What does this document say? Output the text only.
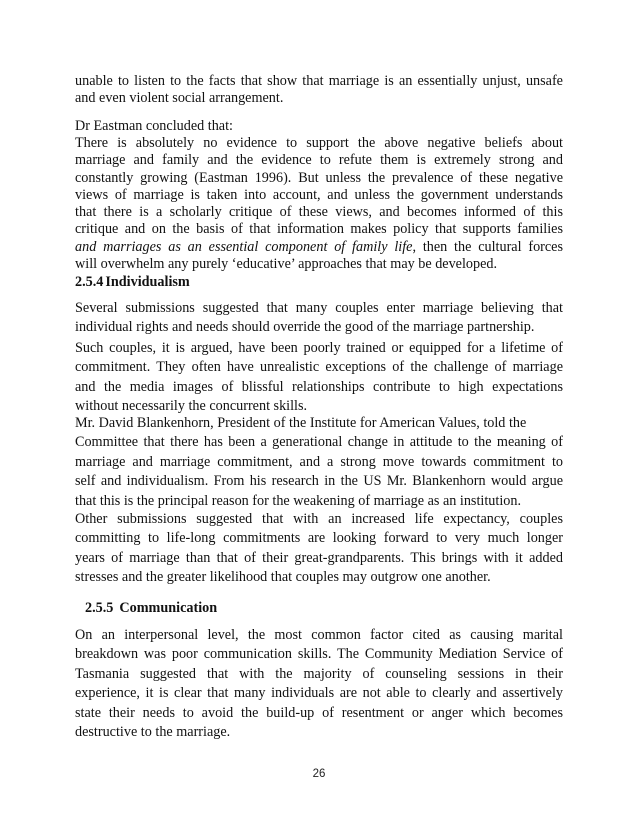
unable to listen to the facts that show that marriage is an essentially unjust, unsafe
and even violent social arrangement.
Dr Eastman concluded that:
There is absolutely no evidence to support the above negative beliefs about
marriage and family and the evidence to refute them is extremely strong and
constantly growing (Eastman 1996). But unless the prevalence of these negative
views of marriage is taken into account, and unless the government understands
that there is a scholarly critique of these views, and becomes informed of this
critique and on the basis of that information makes policy that supports families
and marriages as an essential component of family life, then the cultural forces
will overwhelm any purely ‘educative’ approaches that may be developed.
2.5.4 Individualism
Several submissions suggested that many couples enter marriage believing that
individual rights and needs should override the good of the marriage partnership.
Such couples, it is argued, have been poorly trained or equipped for a lifetime of
commitment. They often have unrealistic exceptions of the challenge of marriage
and the media images of blissful relationships contribute to high expectations
without necessarily the concurrent skills.
Mr. David Blankenhorn, President of the Institute for American Values, told the
Committee that there has been a generational change in attitude to the meaning of
marriage and marriage commitment, and a strong move towards commitment to
self and individualism. From his research in the US Mr. Blankenhorn would argue
that this is the principal reason for the weakening of marriage as an institution.
Other submissions suggested that with an increased life expectancy, couples
committing to life-long commitments are looking forward to very much longer
years of marriage than that of their great-grandparents. This brings with it added
stresses and the greater likelihood that couples may outgrow one another.
2.5.5 Communication
On an interpersonal level, the most common factor cited as causing marital
breakdown was poor communication skills. The Community Mediation Service of
Tasmania suggested that with the majority of counseling sessions in their
experience, it is clear that many individuals are not able to clearly and assertively
state their needs to avoid the build-up of resentment or anger which becomes
destructive to the marriage.
26
